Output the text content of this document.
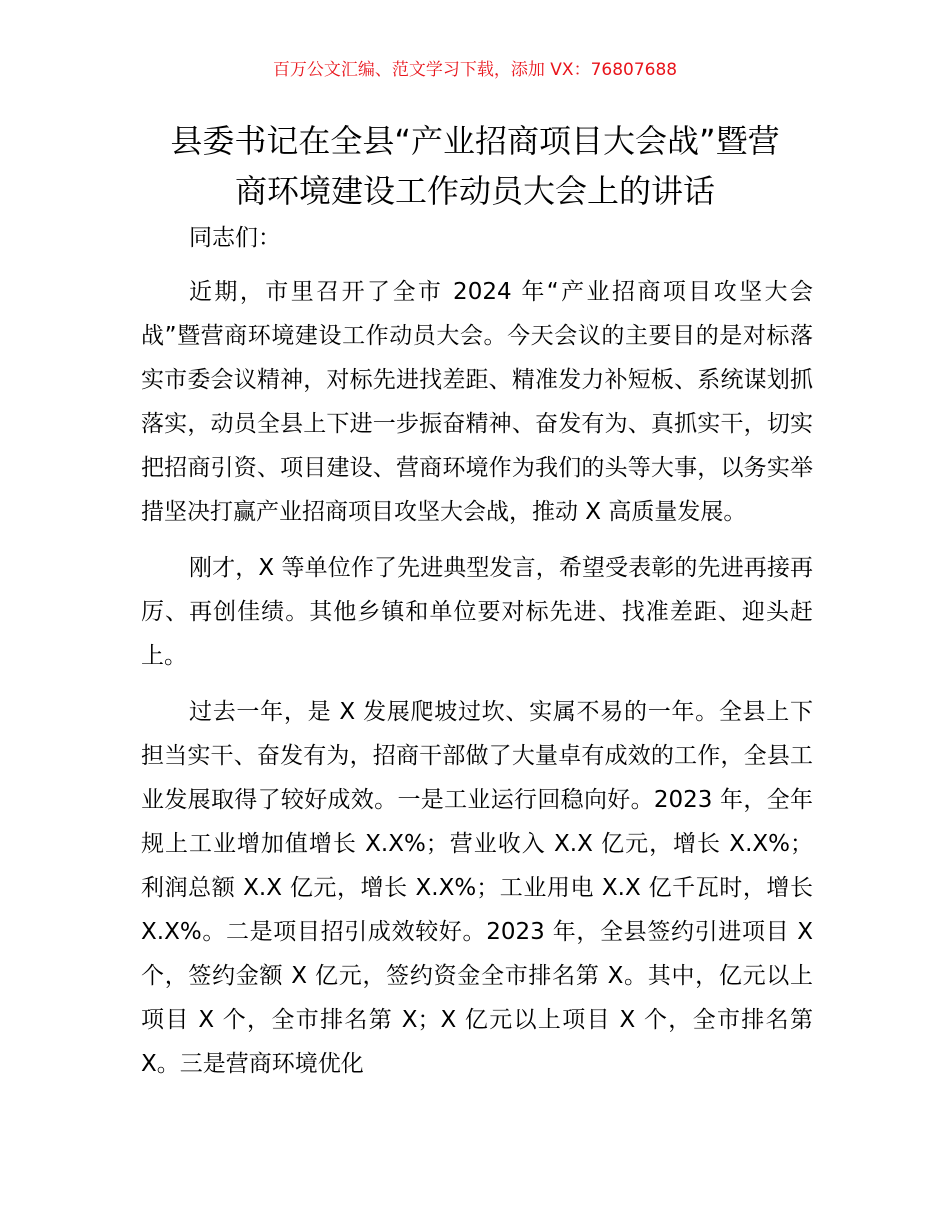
百万公文汇编、范文学习下载，添加 VX：76807688
县委书记在全县“产业招商项目大会战”暨营
商环境建设工作动员大会上的讲话

同志们：

近期，市里召开了全市 2024 年“产业招商项目攻坚大会战”暨营商环境建设工作动员大会。今天会议的主要目的是对标落实市委会议精神，对标先进找差距、精准发力补短板、系统谋划抓落实，动员全县上下进一步振奋精神、奋发有为、真抓实干，切实把招商引资、项目建设、营商环境作为我们的头等大事，以务实举措坚决打赢产业招商项目攻坚大会战，推动 X 高质量发展。

刚才，X 等单位作了先进典型发言，希望受表彰的先进再接再厉、再创佳绩。其他乡镇和单位要对标先进、找准差距、迎头赶上。

过去一年，是 X 发展爬坡过坎、实属不易的一年。全县上下担当实干、奋发有为，招商干部做了大量卓有成效的工作，全县工业发展取得了较好成效。一是工业运行回稳向好。2023 年，全年规上工业增加值增长 X.X%；营业收入 X.X 亿元，增长 X.X%；利润总额 X.X 亿元，增长 X.X%；工业用电 X.X 亿千瓦时，增长 X.X%。二是项目招引成效较好。2023 年，全县签约引进项目 X 个，签约金额 X 亿元，签约资金全市排名第 X。其中，亿元以上项目 X 个，全市排名第 X；X 亿元以上项目 X 个，全市排名第 X。三是营商环境优化
